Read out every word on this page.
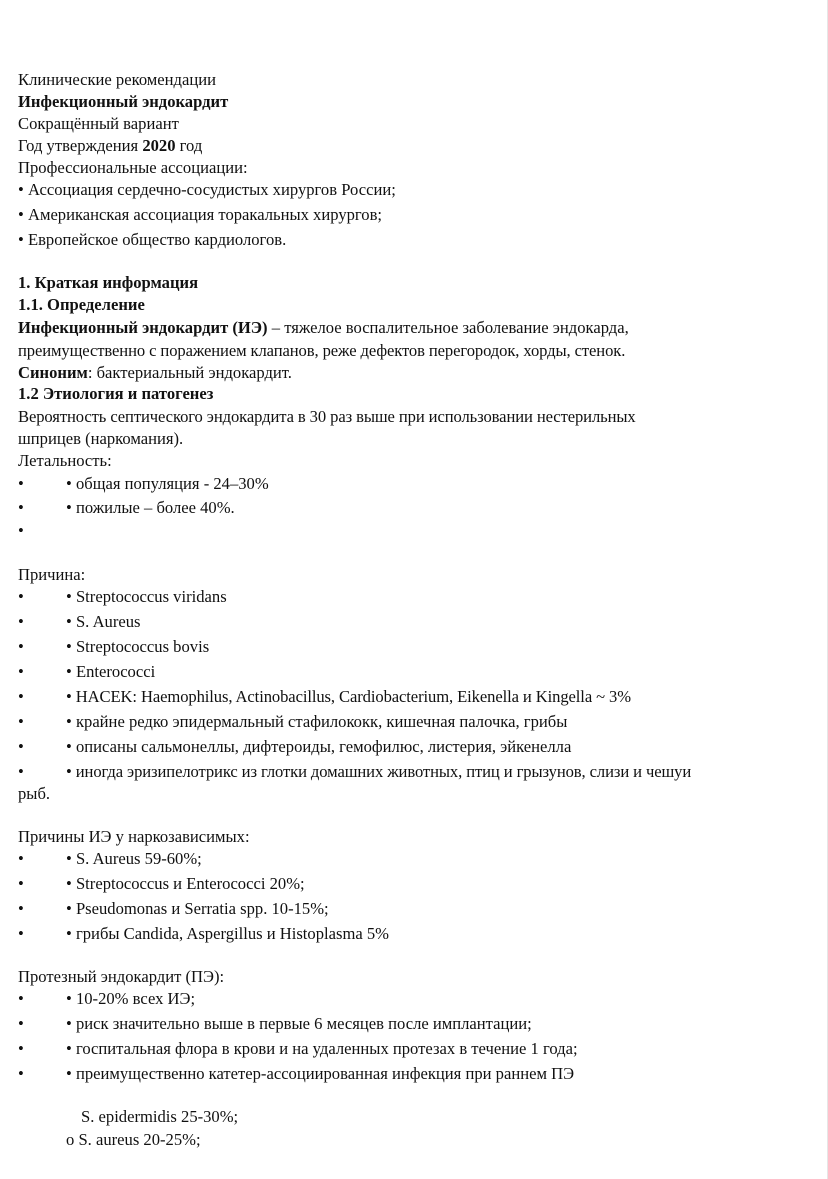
Клинические рекомендации
Инфекционный эндокардит
Сокращённый вариант
Год утверждения 2020 год
Профессиональные ассоциации:
• Ассоциация сердечно-сосудистых хирургов России;
• Американская ассоциация торакальных хирургов;
• Европейское общество кардиологов.
1. Краткая информация
1.1. Определение
Инфекционный эндокардит (ИЭ) – тяжелое воспалительное заболевание эндокарда,
преимущественно с поражением клапанов, реже дефектов перегородок, хорды, стенок.
Синоним: бактериальный эндокардит.
1.2 Этиология и патогенез
Вероятность септического эндокардита в 30 раз выше при использовании нестерильных
шприцев (наркомания).
Летальность:
•	• общая популяция - 24–30%
•	• пожилые – более 40%.
•
Причина:
•	• Streptococcus viridans
•	• S. Aureus
•	• Streptococcus bovis
•	• Enterococci
•	• HACEK: Haemophilus, Actinobacillus, Cardiobacterium, Eikenella и Kingella ~ 3%
•	• крайне редко эпидермальный стафилококк, кишечная палочка, грибы
•	• описаны сальмонеллы, дифтероиды, гемофилюс, листерия, эйкенелла
•	• иногда эризипелотрикс из глотки домашних животных, птиц и грызунов, слизи и чешуи
рыб.
Причины ИЭ у наркозависимых:
•	• S. Aureus 59-60%;
•	• Streptococcus и Enterococci 20%;
•	• Pseudomonas и Serratia spp. 10-15%;
•	• грибы Candida, Aspergillus и Histoplasma 5%
Протезный эндокардит (ПЭ):
•	• 10-20% всех ИЭ;
•	• риск значительно выше в первые 6 месяцев после имплантации;
•	• госпитальная флора в крови и на удаленных протезах в течение 1 года;
•	• преимущественно катетер-ассоциированная инфекция при раннем ПЭ
S. epidermidis 25-30%;
o S. aureus 20-25%;
